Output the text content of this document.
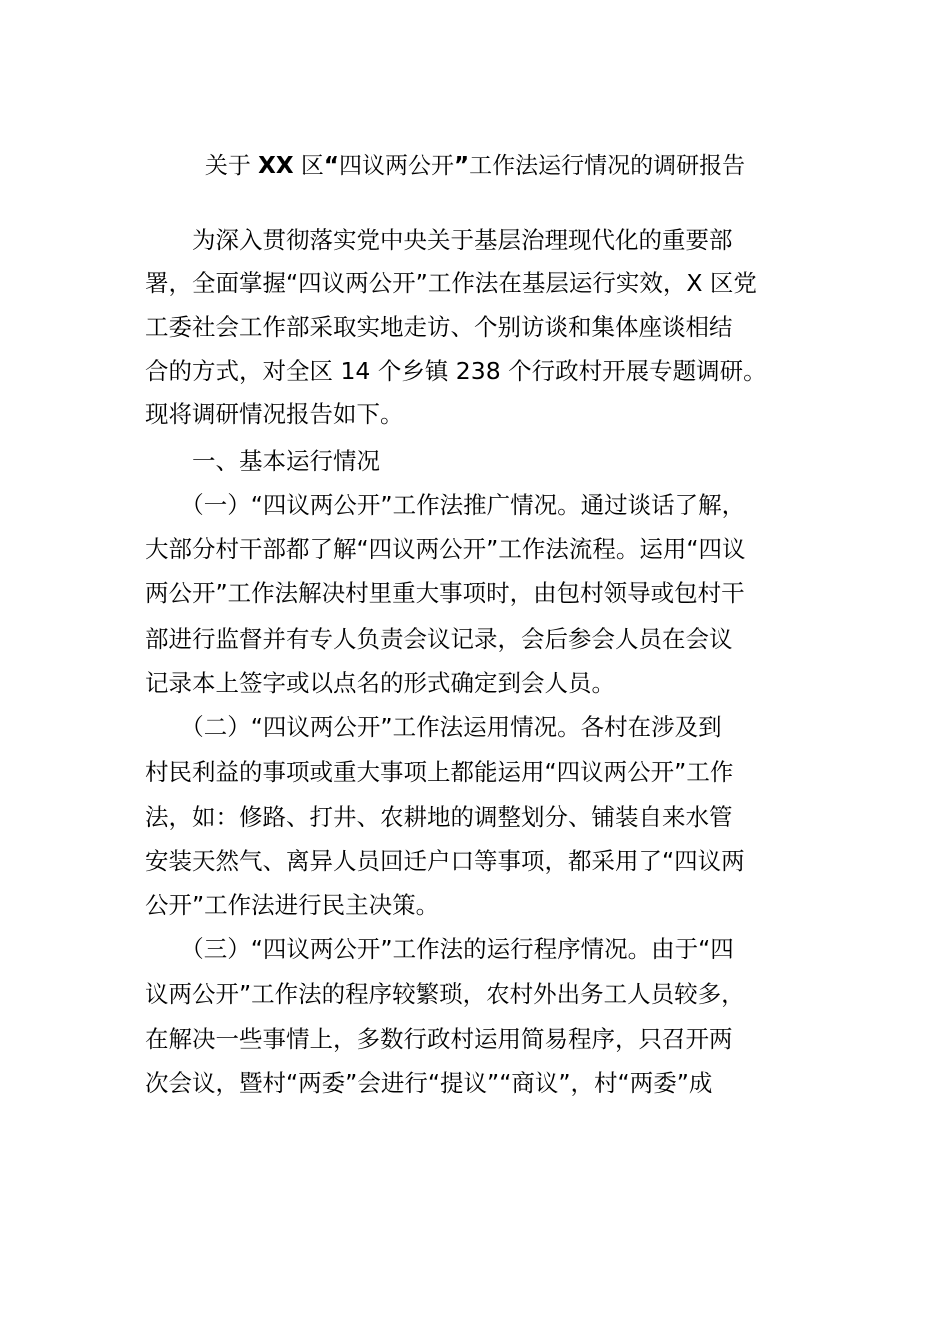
关于 XX 区“四议两公开”工作法运行情况的调研报告
　　为深入贯彻落实党中央关于基层治理现代化的重要部
署，全面掌握“四议两公开”工作法在基层运行实效，X 区党
工委社会工作部采取实地走访、个别访谈和集体座谈相结
合的方式，对全区 14 个乡镇 238 个行政村开展专题调研。
现将调研情况报告如下。
　　一、基本运行情况
　　（一）“四议两公开”工作法推广情况。通过谈话了解，
大部分村干部都了解“四议两公开”工作法流程。运用“四议
两公开”工作法解决村里重大事项时，由包村领导或包村干
部进行监督并有专人负责会议记录，会后参会人员在会议
记录本上签字或以点名的形式确定到会人员。
　　（二）“四议两公开”工作法运用情况。各村在涉及到
村民利益的事项或重大事项上都能运用“四议两公开”工作
法，如：修路、打井、农耕地的调整划分、铺装自来水管
安装天然气、离异人员回迁户口等事项，都采用了“四议两
公开”工作法进行民主决策。
　　（三）“四议两公开”工作法的运行程序情况。由于“四
议两公开”工作法的程序较繁琐，农村外出务工人员较多，
在解决一些事情上，多数行政村运用简易程序，只召开两
次会议，暨村“两委”会进行“提议”“商议”，村“两委”成
